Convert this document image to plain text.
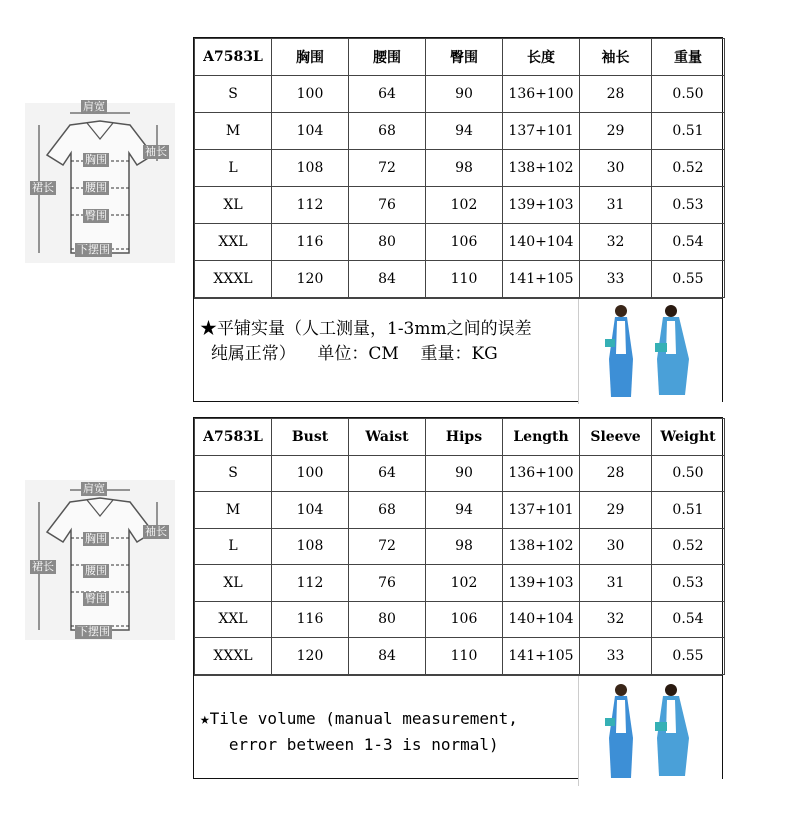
肩宽
袖长
胸围
裙长	腰围
臀围
下摆围
A7583L	胸围	腰围	臀围	长度	袖长	重量
S	100	64	90	136+100	28	0.50
M	104	68	94	137+101	29	0.51
L	108	72	98	138+102	30	0.52
XL	112	76	102	139+103	31	0.53
XXL	116	80	106	140+104	32	0.54
XXXL	120	84	110	141+105	33	0.55
★平铺实量（人工测量，1-3mm之间的误差
纯属正常）    单位：CM    重量：KG
肩宽
袖长
胸围
裙长	腰围
臀围
下摆围
A7583L	Bust	Waist	Hips	Length	Sleeve	Weight
S	100	64	90	136+100	28	0.50
M	104	68	94	137+101	29	0.51
L	108	72	98	138+102	30	0.52
XL	112	76	102	139+103	31	0.53
XXL	116	80	106	140+104	32	0.54
XXXL	120	84	110	141+105	33	0.55
★Tile volume (manual measurement,
error between 1-3 is normal)
